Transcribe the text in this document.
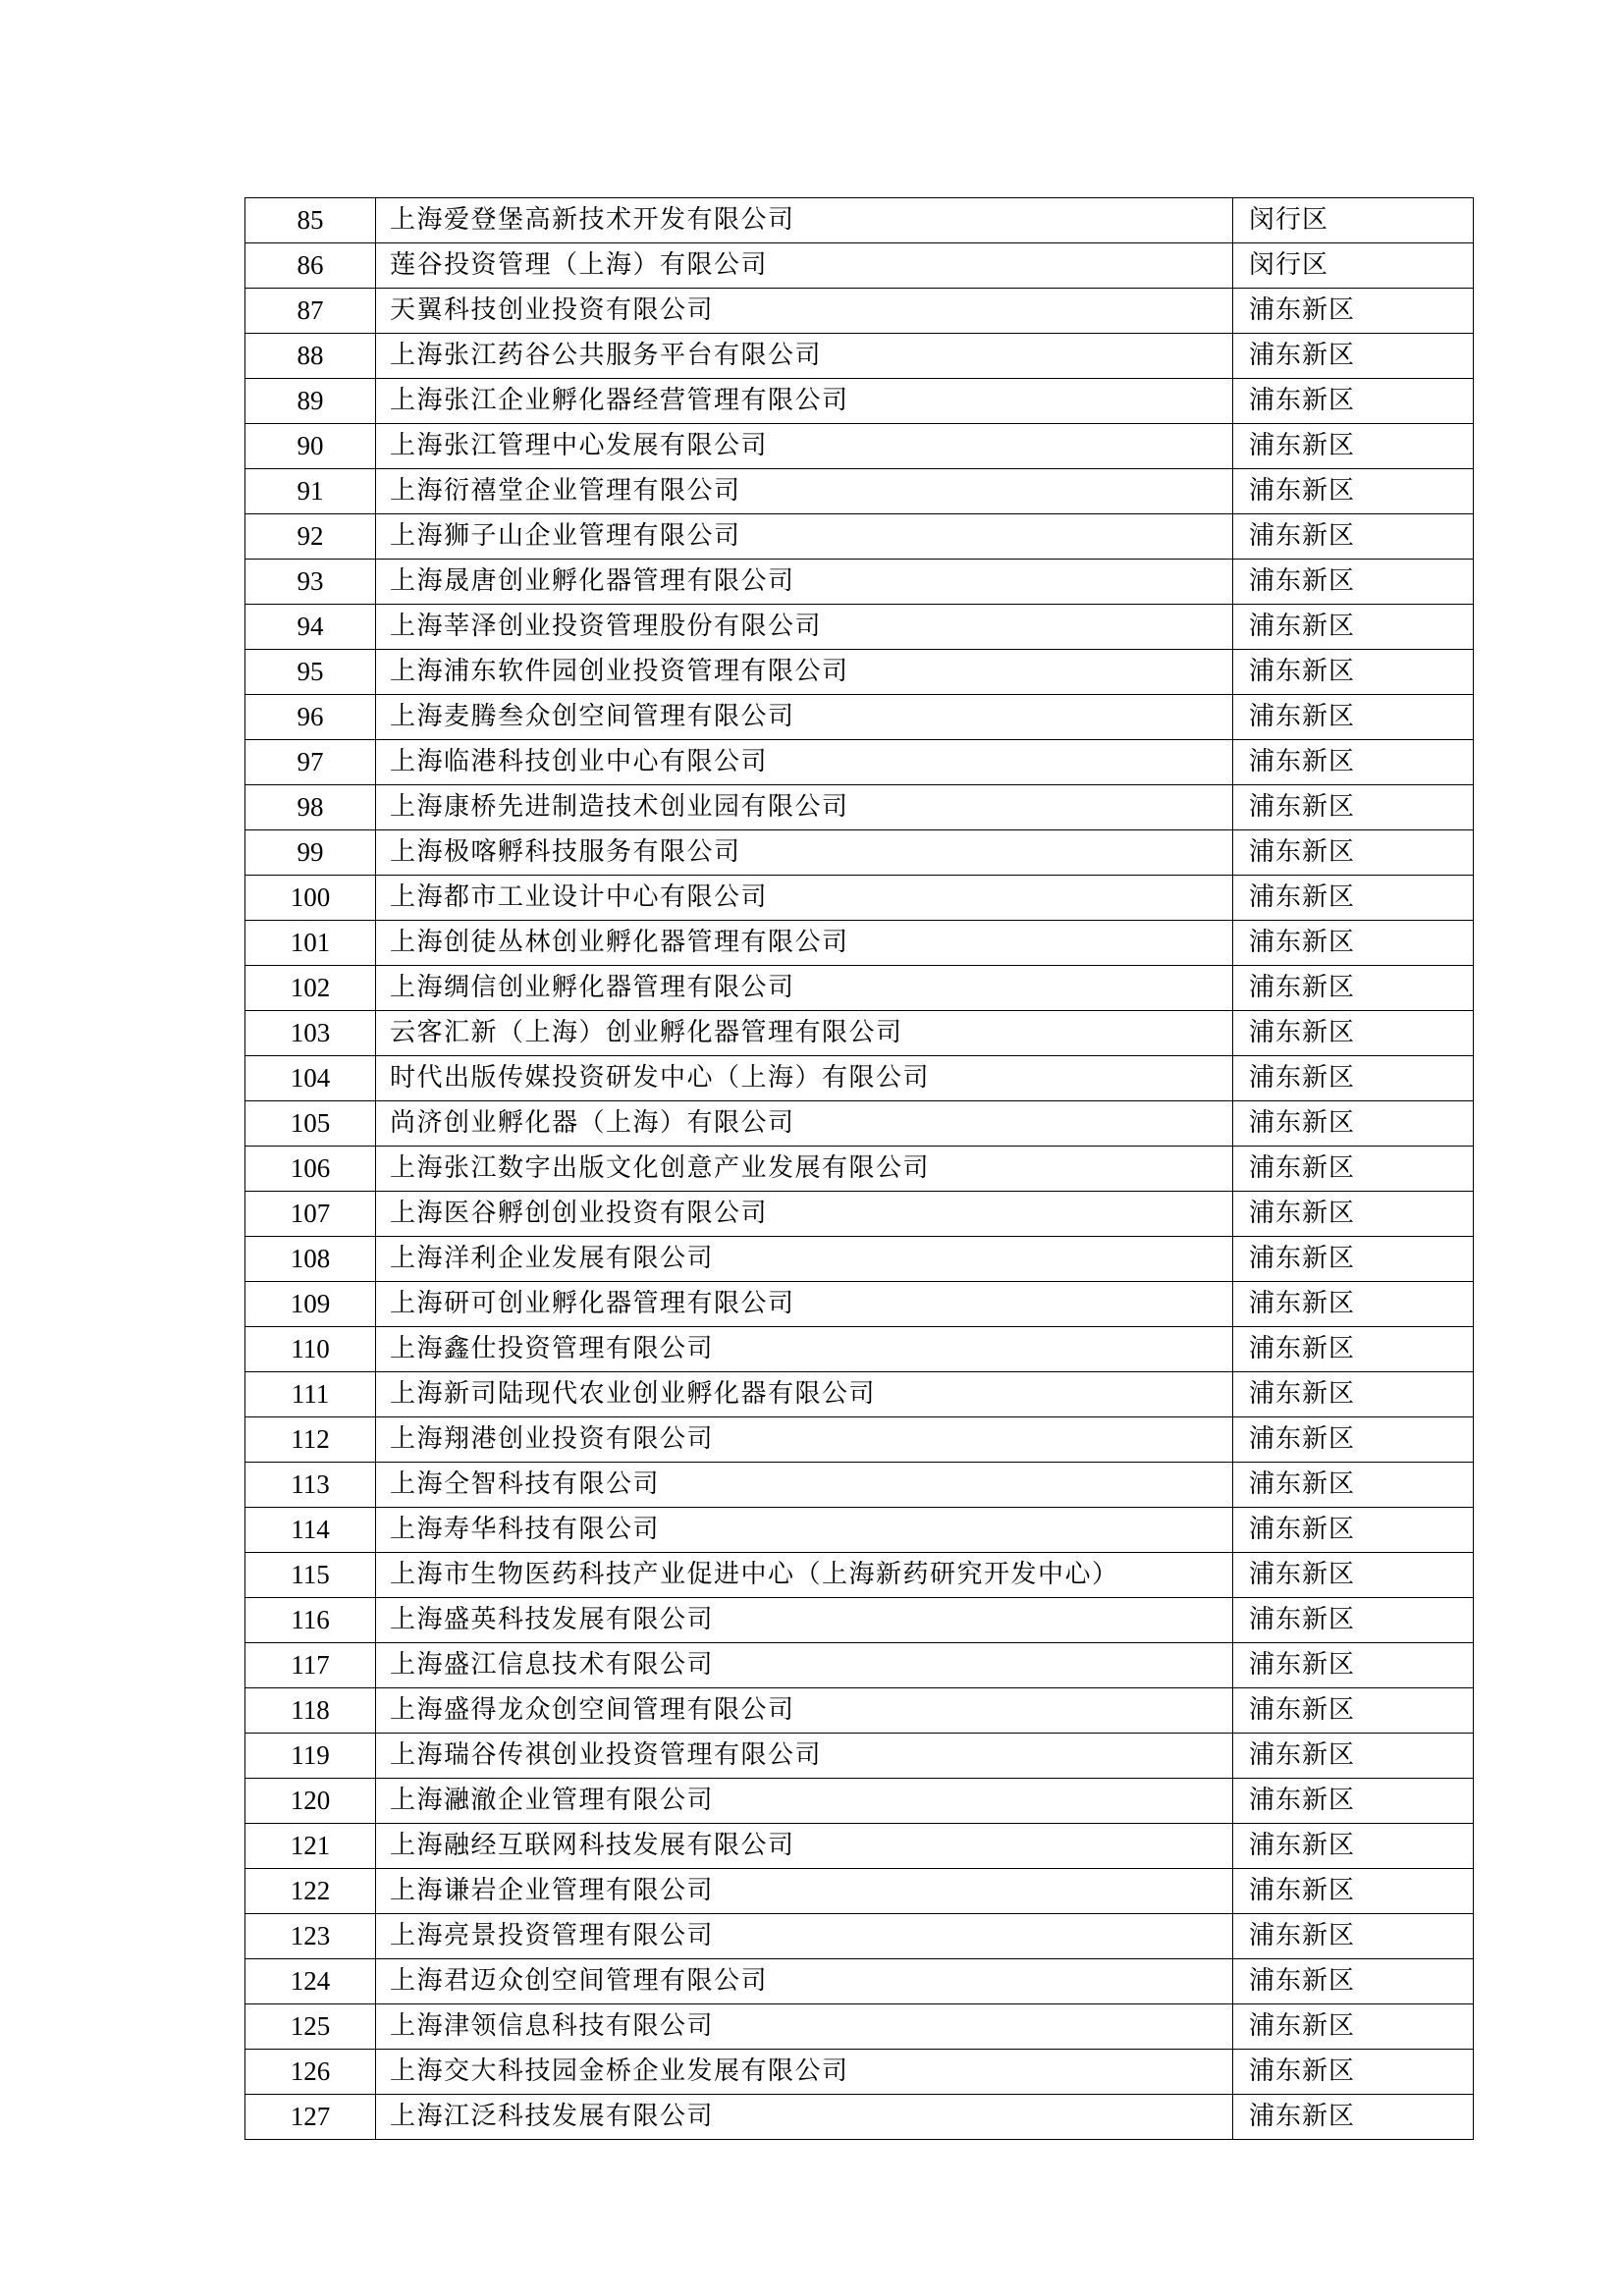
85	上海爱登堡高新技术开发有限公司	闵行区
86	莲谷投资管理（上海）有限公司	闵行区
87	天翼科技创业投资有限公司	浦东新区
88	上海张江药谷公共服务平台有限公司	浦东新区
89	上海张江企业孵化器经营管理有限公司	浦东新区
90	上海张江管理中心发展有限公司	浦东新区
91	上海衍禧堂企业管理有限公司	浦东新区
92	上海狮子山企业管理有限公司	浦东新区
93	上海晟唐创业孵化器管理有限公司	浦东新区
94	上海莘泽创业投资管理股份有限公司	浦东新区
95	上海浦东软件园创业投资管理有限公司	浦东新区
96	上海麦腾叁众创空间管理有限公司	浦东新区
97	上海临港科技创业中心有限公司	浦东新区
98	上海康桥先进制造技术创业园有限公司	浦东新区
99	上海极喀孵科技服务有限公司	浦东新区
100	上海都市工业设计中心有限公司	浦东新区
101	上海创徒丛林创业孵化器管理有限公司	浦东新区
102	上海绸信创业孵化器管理有限公司	浦东新区
103	云客汇新（上海）创业孵化器管理有限公司	浦东新区
104	时代出版传媒投资研发中心（上海）有限公司	浦东新区
105	尚济创业孵化器（上海）有限公司	浦东新区
106	上海张江数字出版文化创意产业发展有限公司	浦东新区
107	上海医谷孵创创业投资有限公司	浦东新区
108	上海洋利企业发展有限公司	浦东新区
109	上海研可创业孵化器管理有限公司	浦东新区
110	上海鑫仕投资管理有限公司	浦东新区
111	上海新司陆现代农业创业孵化器有限公司	浦东新区
112	上海翔港创业投资有限公司	浦东新区
113	上海仝智科技有限公司	浦东新区
114	上海寿华科技有限公司	浦东新区
115	上海市生物医药科技产业促进中心（上海新药研究开发中心）	浦东新区
116	上海盛英科技发展有限公司	浦东新区
117	上海盛江信息技术有限公司	浦东新区
118	上海盛得龙众创空间管理有限公司	浦东新区
119	上海瑞谷传祺创业投资管理有限公司	浦东新区
120	上海瀜澈企业管理有限公司	浦东新区
121	上海融经互联网科技发展有限公司	浦东新区
122	上海谦岩企业管理有限公司	浦东新区
123	上海亮景投资管理有限公司	浦东新区
124	上海君迈众创空间管理有限公司	浦东新区
125	上海津领信息科技有限公司	浦东新区
126	上海交大科技园金桥企业发展有限公司	浦东新区
127	上海江泛科技发展有限公司	浦东新区
